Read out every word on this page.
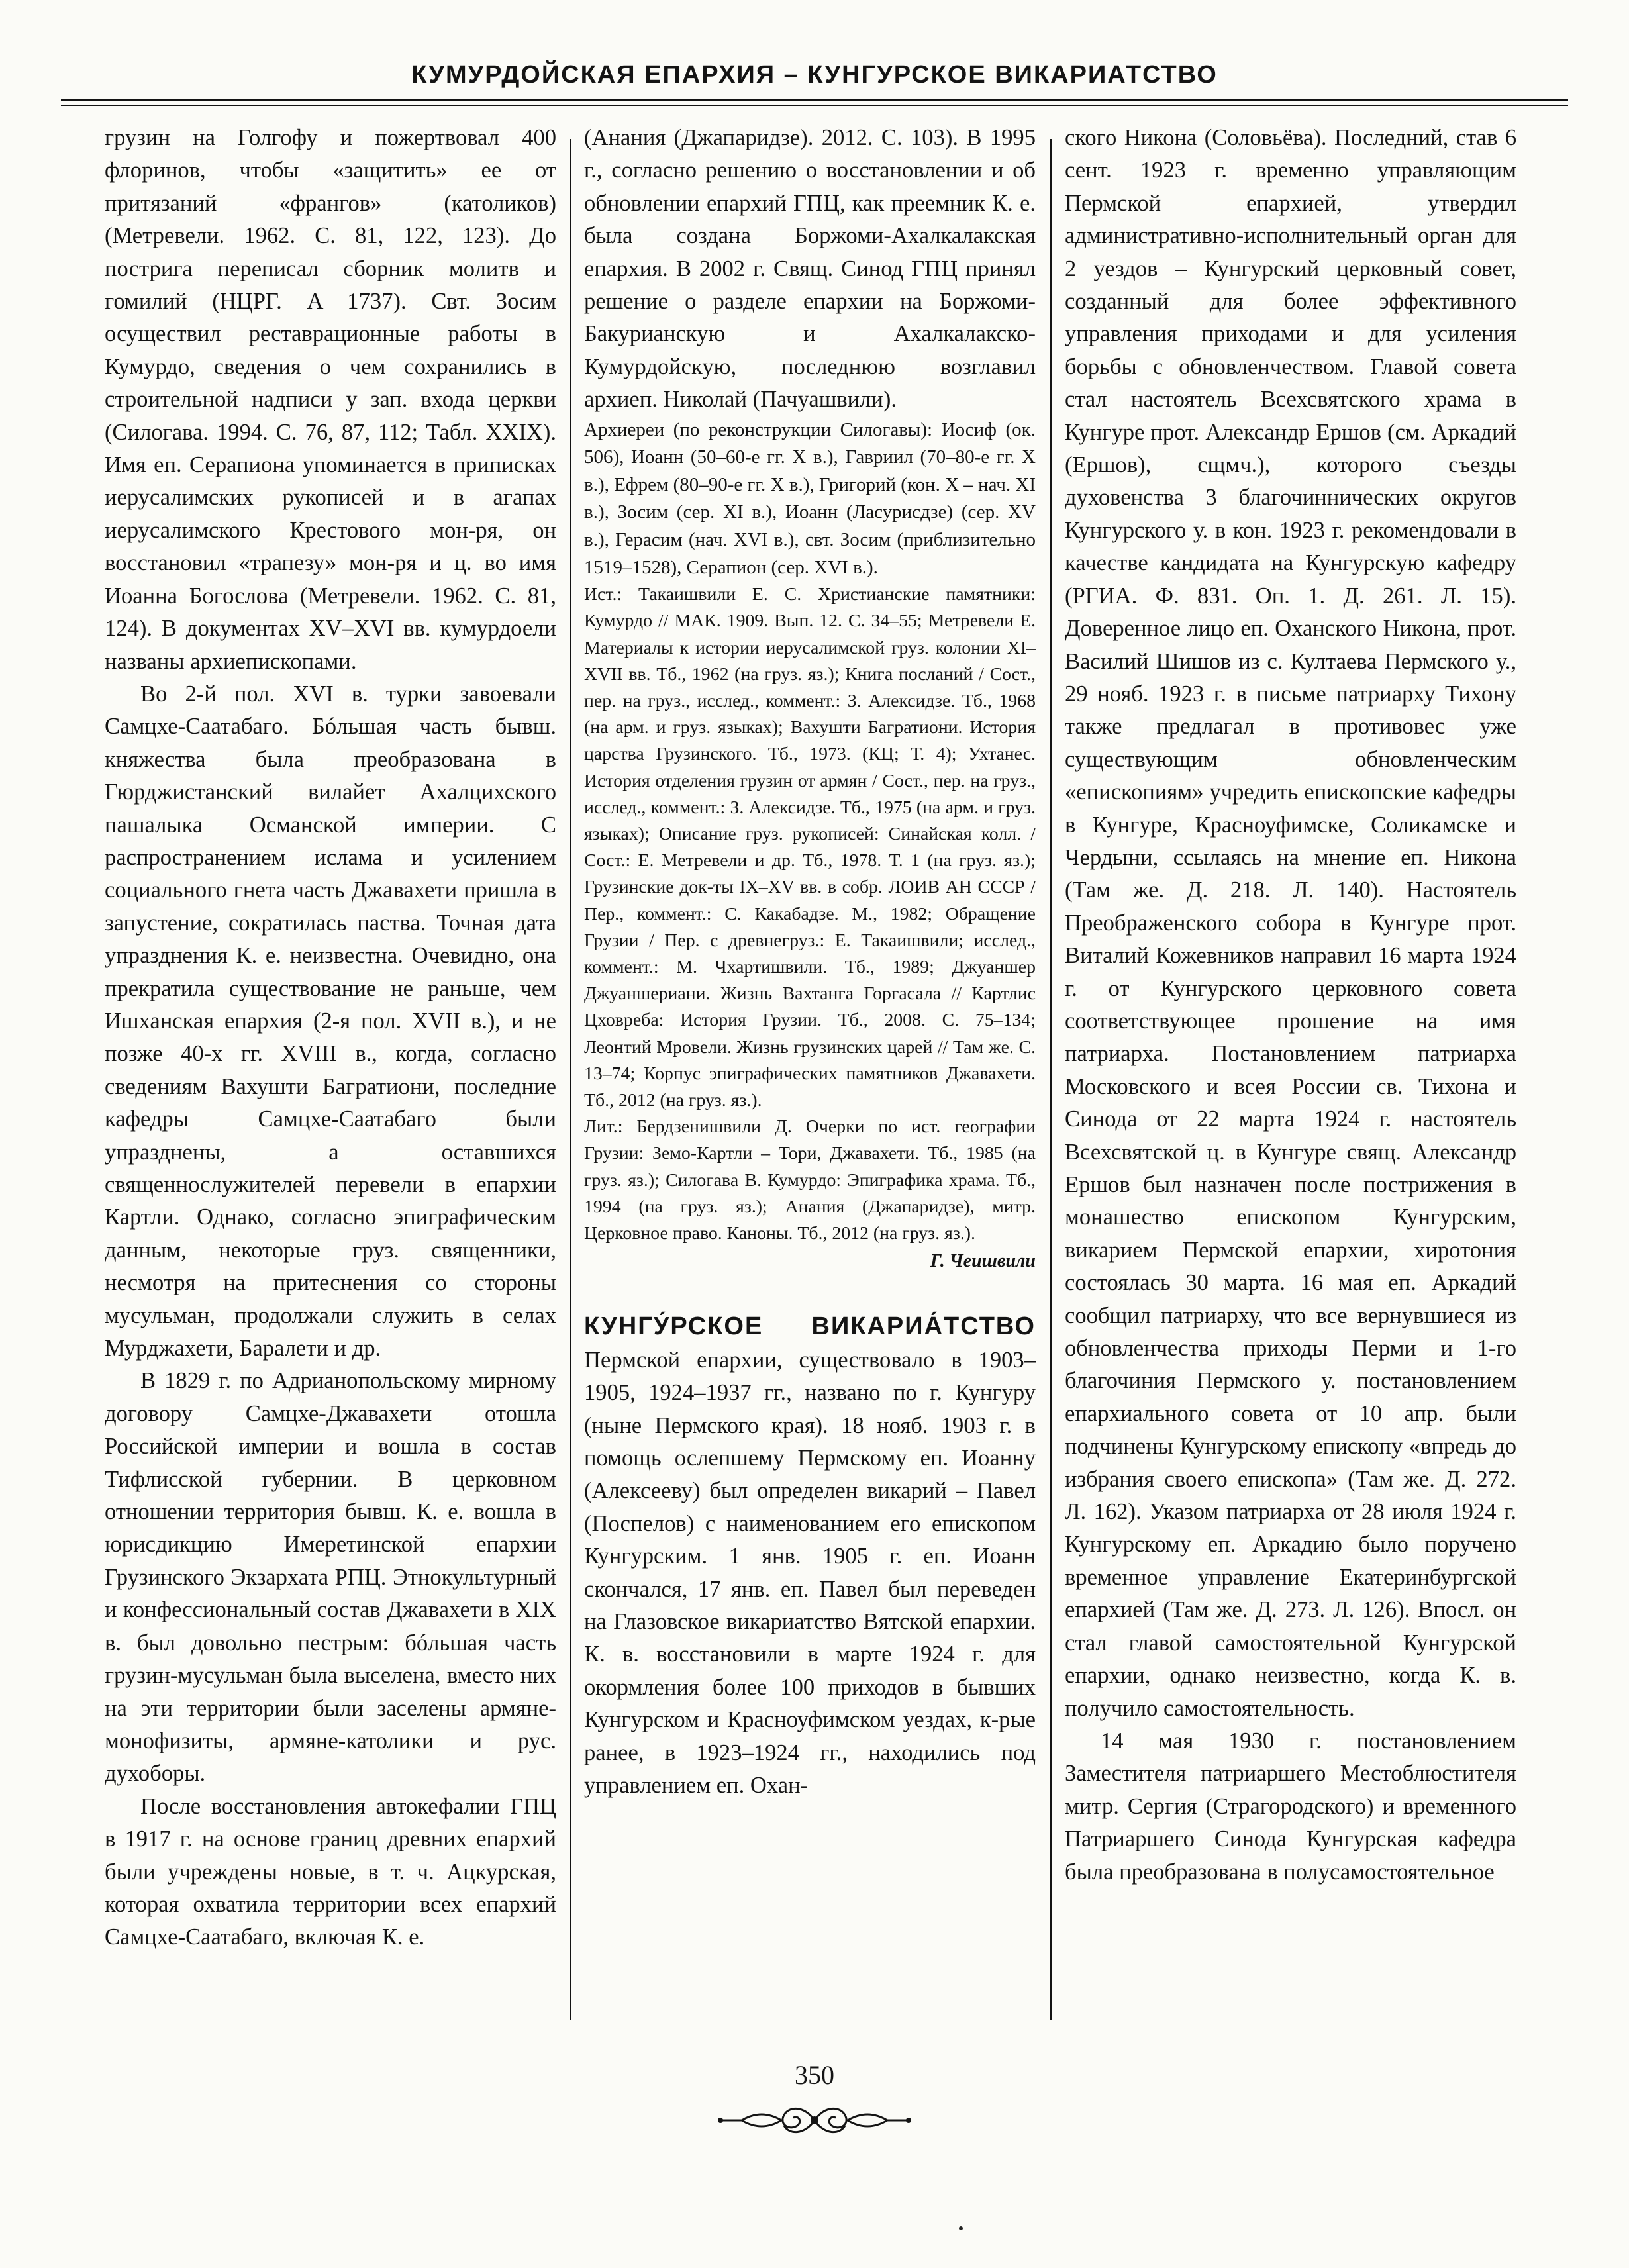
КУМУРДОЙСКАЯ ЕПАРХИЯ – КУНГУРСКОЕ ВИКАРИАТСТВО

грузин на Голгофу и пожертвовал 400 флоринов, чтобы «защитить» ее от притязаний «франгов» (католиков) (Метревели. 1962. С. 81, 122, 123). До пострига переписал сборник молитв и гомилий (НЦРГ. A 1737). Свт. Зосим осуществил реставрационные работы в Кумурдо, сведения о чем сохранились в строительной надписи у зап. входа церкви (Силогава. 1994. С. 76, 87, 112; Табл. XXIX). Имя еп. Серапиона упоминается в приписках иерусалимских рукописей и в агапах иерусалимского Крестового мон-ря, он восстановил «трапезу» мон-ря и ц. во имя Иоанна Богослова (Метревели. 1962. С. 81, 124). В документах XV–XVI вв. кумурдоели названы архиепископами.

Во 2-й пол. XVI в. турки завоевали Самцхе-Саатабаго. Бóльшая часть бывш. княжества была преобразована в Гюрджистанский вилайет Ахалцихского пашалыка Османской империи. С распространением ислама и усилением социального гнета часть Джавахети пришла в запустение, сократилась паства. Точная дата упразднения К. е. неизвестна. Очевидно, она прекратила существование не раньше, чем Ишханская епархия (2-я пол. XVII в.), и не позже 40-х гг. XVIII в., когда, согласно сведениям Вахушти Багратиони, последние кафедры Самцхе-Саатабаго были упразднены, а оставшихся священнослужителей перевели в епархии Картли. Однако, согласно эпиграфическим данным, некоторые груз. священники, несмотря на притеснения со стороны мусульман, продолжали служить в селах Мурджахети, Баралети и др.

В 1829 г. по Адрианопольскому мирному договору Самцхе-Джавахети отошла Российской империи и вошла в состав Тифлисской губернии. В церковном отношении территория бывш. К. е. вошла в юрисдикцию Имеретинской епархии Грузинского Экзархата РПЦ. Этнокультурный и конфессиональный состав Джавахети в XIX в. был довольно пестрым: бóльшая часть грузин-мусульман была выселена, вместо них на эти территории были заселены армяне-монофизиты, армяне-католики и рус. духоборы.

После восстановления автокефалии ГПЦ в 1917 г. на основе границ древних епархий были учреждены новые, в т. ч. Ацкурская, которая охватила территории всех епархий Самцхе-Саатабаго, включая К. е.

(Анания (Джапаридзе). 2012. С. 103). В 1995 г., согласно решению о восстановлении и об обновлении епархий ГПЦ, как преемник К. е. была создана Боржоми-Ахалкалакская епархия. В 2002 г. Свящ. Синод ГПЦ принял решение о разделе епархии на Боржоми-Бакурианскую и Ахалкалакско-Кумурдойскую, последнюю возглавил архиеп. Николай (Пачуашвили).

Архиереи (по реконструкции Силогавы): Иосиф (ок. 506), Иоанн (50–60-е гг. X в.), Гавриил (70–80-е гг. X в.), Ефрем (80–90-е гг. X в.), Григорий (кон. X – нач. XI в.), Зосим (сер. XI в.), Иоанн (Ласурисдзе) (сер. XV в.), Герасим (нач. XVI в.), свт. Зосим (приблизительно 1519–1528), Серапион (сер. XVI в.).

Ист.: Такаишвили Е. С. Христианские памятники: Кумурдо // МАК. 1909. Вып. 12. С. 34–55; Метревели Е. Материалы к истории иерусалимской груз. колонии XI–XVII вв. Тб., 1962 (на груз. яз.); Книга посланий / Сост., пер. на груз., исслед., коммент.: З. Алексидзе. Тб., 1968 (на арм. и груз. языках); Вахушти Багратиони. История царства Грузинского. Тб., 1973. (КЦ; Т. 4); Ухтанес. История отделения грузин от армян / Сост., пер. на груз., исслед., коммент.: З. Алексидзе. Тб., 1975 (на арм. и груз. языках); Описание груз. рукописей: Синайская колл. / Сост.: Е. Метревели и др. Тб., 1978. Т. 1 (на груз. яз.); Грузинские док-ты IX–XV вв. в собр. ЛОИВ АН СССР / Пер., коммент.: С. Какабадзе. М., 1982; Обращение Грузии / Пер. с древнегруз.: Е. Такаишвили; исслед., коммент.: М. Чхартишвили. Тб., 1989; Джуаншер Джуаншериани. Жизнь Вахтанга Горгасала // Картлис Цховреба: История Грузии. Тб., 2008. С. 75–134; Леонтий Мровели. Жизнь грузинских царей // Там же. С. 13–74; Корпус эпиграфических памятников Джавахети. Тб., 2012 (на груз. яз.).

Лит.: Бердзенишвили Д. Очерки по ист. географии Грузии: Земо-Картли – Тори, Джавахети. Тб., 1985 (на груз. яз.); Силогава В. Кумурдо: Эпиграфика храма. Тб., 1994 (на груз. яз.); Анания (Джапаридзе), митр. Церковное право. Каноны. Тб., 2012 (на груз. яз.).

Г. Чеишвили

КУНГУ́РСКОЕ ВИКАРИА́ТСТВО Пермской епархии, существовало в 1903–1905, 1924–1937 гг., названо по г. Кунгуру (ныне Пермского края). 18 нояб. 1903 г. в помощь ослепшему Пермскому еп. Иоанну (Алексееву) был определен викарий – Павел (Поспелов) с наименованием его епископом Кунгурским. 1 янв. 1905 г. еп. Иоанн скончался, 17 янв. еп. Павел был переведен на Глазовское викариатство Вятской епархии. К. в. восстановили в марте 1924 г. для окормления более 100 приходов в бывших Кунгурском и Красноуфимском уездах, к-рые ранее, в 1923–1924 гг., находились под управлением еп. Охан-

ского Никона (Соловьёва). Последний, став 6 сент. 1923 г. временно управляющим Пермской епархией, утвердил административно-исполнительный орган для 2 уездов – Кунгурский церковный совет, созданный для более эффективного управления приходами и для усиления борьбы с обновленчеством. Главой совета стал настоятель Всехсвятского храма в Кунгуре прот. Александр Ершов (см. Аркадий (Ершов), сщмч.), которого съезды духовенства 3 благочиннических округов Кунгурского у. в кон. 1923 г. рекомендовали в качестве кандидата на Кунгурскую кафедру (РГИА. Ф. 831. Оп. 1. Д. 261. Л. 15). Доверенное лицо еп. Оханского Никона, прот. Василий Шишов из с. Култаева Пермского у., 29 нояб. 1923 г. в письме патриарху Тихону также предлагал в противовес уже существующим обновленческим «епископиям» учредить епископские кафедры в Кунгуре, Красноуфимске, Соликамске и Чердыни, ссылаясь на мнение еп. Никона (Там же. Д. 218. Л. 140). Настоятель Преображенского собора в Кунгуре прот. Виталий Кожевников направил 16 марта 1924 г. от Кунгурского церковного совета соответствующее прошение на имя патриарха. Постановлением патриарха Московского и всея России св. Тихона и Синода от 22 марта 1924 г. настоятель Всехсвятской ц. в Кунгуре свящ. Александр Ершов был назначен после пострижения в монашество епископом Кунгурским, викарием Пермской епархии, хиротония состоялась 30 марта. 16 мая еп. Аркадий сообщил патриарху, что все вернувшиеся из обновленчества приходы Перми и 1-го благочиния Пермского у. постановлением епархиального совета от 10 апр. были подчинены Кунгурскому епископу «впредь до избрания своего епископа» (Там же. Д. 272. Л. 162). Указом патриарха от 28 июля 1924 г. Кунгурскому еп. Аркадию было поручено временное управление Екатеринбургской епархией (Там же. Д. 273. Л. 126). Впосл. он стал главой самостоятельной Кунгурской епархии, однако неизвестно, когда К. в. получило самостоятельность.

14 мая 1930 г. постановлением Заместителя патриаршего Местоблюстителя митр. Сергия (Страгородского) и временного Патриаршего Синода Кунгурская кафедра была преобразована в полусамостоятельное

350
